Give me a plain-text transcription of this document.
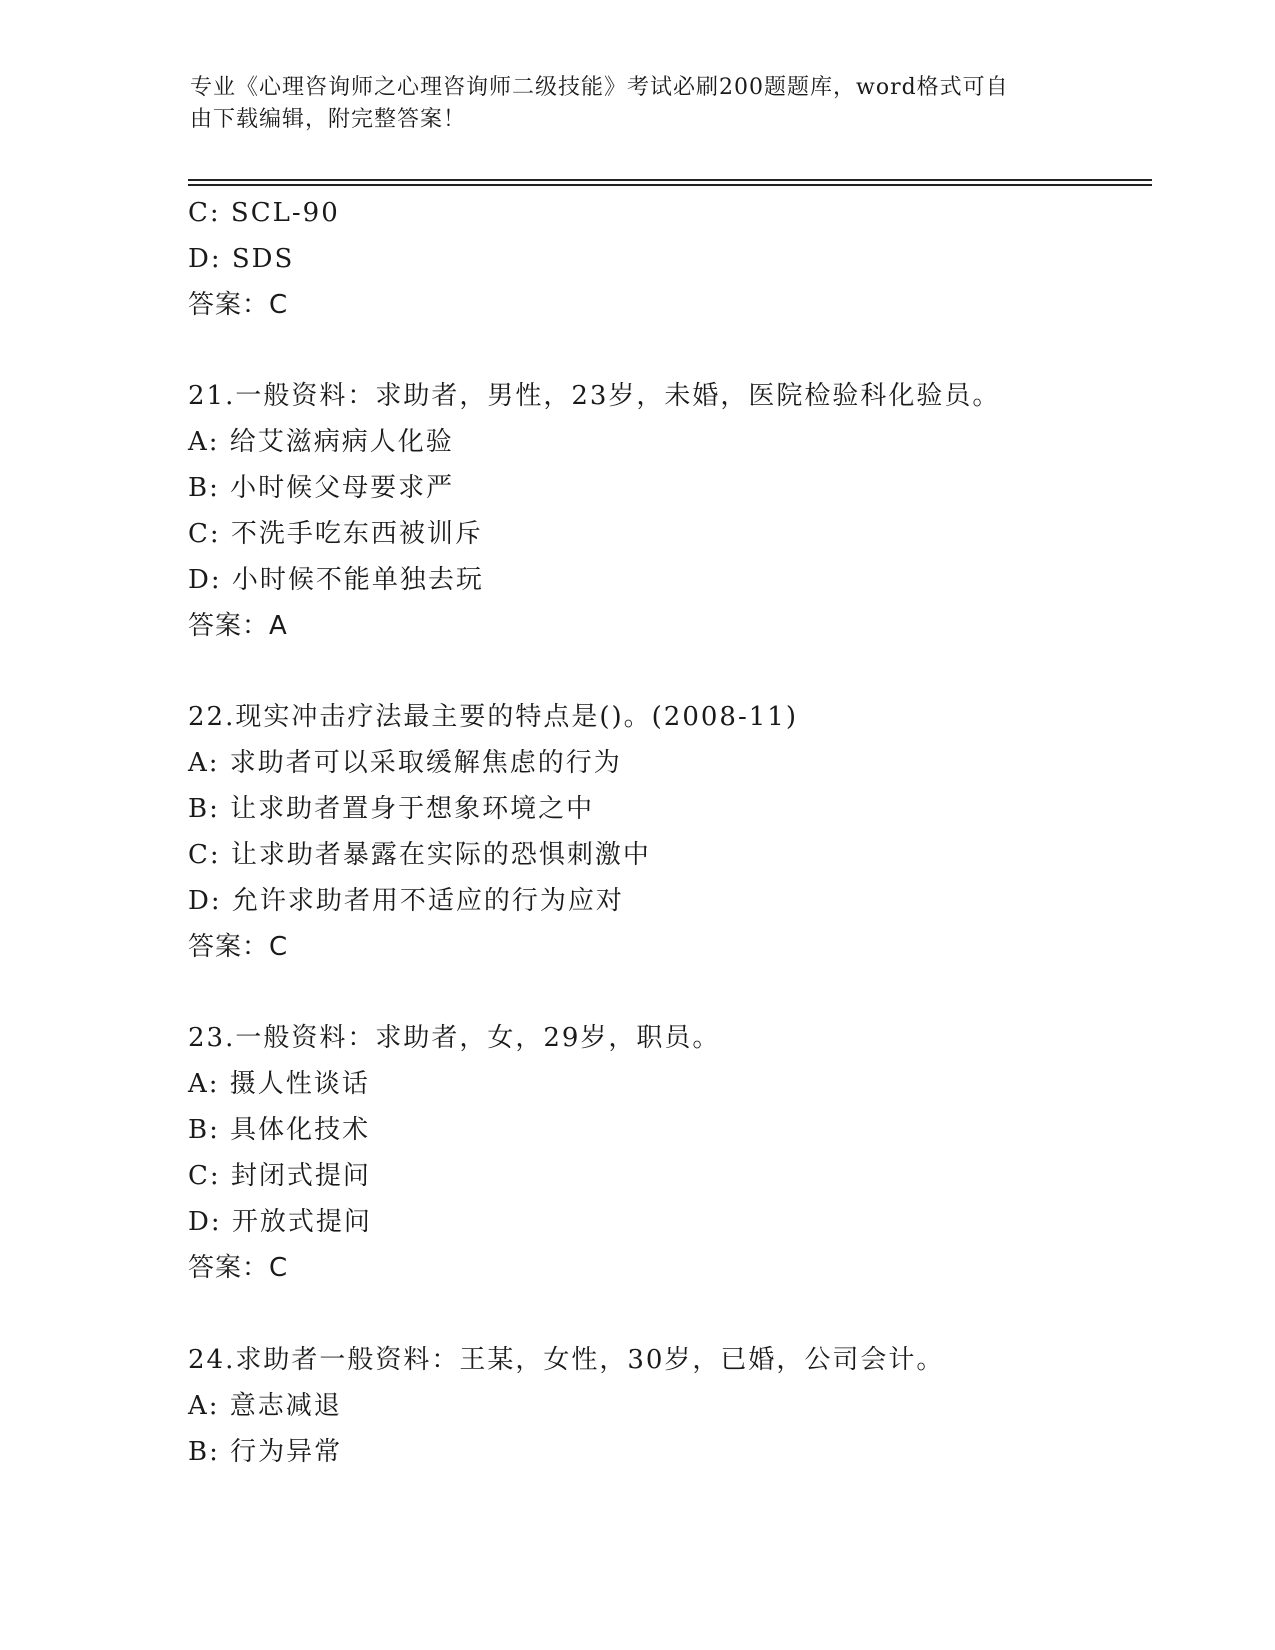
专业《心理咨询师之心理咨询师二级技能》考试必刷200题题库，word格式可自
由下载编辑，附完整答案！
C: SCL-90
D: SDS
答案：C
21.一般资料：求助者，男性，23岁，未婚，医院检验科化验员。
A: 给艾滋病病人化验
B: 小时候父母要求严
C: 不洗手吃东西被训斥
D: 小时候不能单独去玩
答案：A
22.现实冲击疗法最主要的特点是()。(2008-11)
A: 求助者可以采取缓解焦虑的行为
B: 让求助者置身于想象环境之中
C: 让求助者暴露在实际的恐惧刺激中
D: 允许求助者用不适应的行为应对
答案：C
23.一般资料：求助者，女，29岁，职员。
A: 摄人性谈话
B: 具体化技术
C: 封闭式提问
D: 开放式提问
答案：C
24.求助者一般资料：王某，女性，30岁，已婚，公司会计。
A: 意志减退
B: 行为异常
